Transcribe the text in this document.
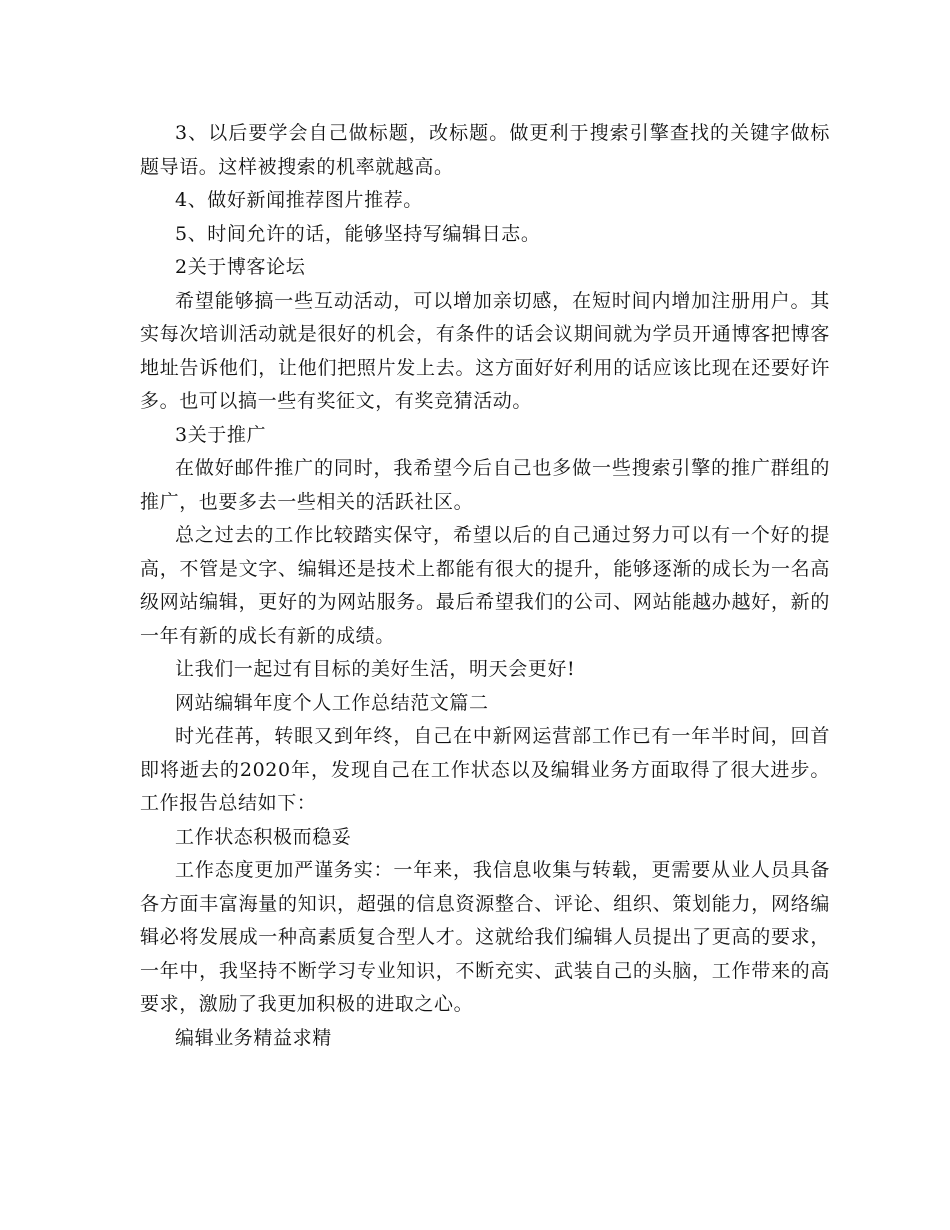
3、以后要学会自己做标题，改标题。做更利于搜索引擎查找的关键字做标题导语。这样被搜索的机率就越高。

4、做好新闻推荐图片推荐。

5、时间允许的话，能够坚持写编辑日志。

2关于博客论坛

希望能够搞一些互动活动，可以增加亲切感，在短时间内增加注册用户。其实每次培训活动就是很好的机会，有条件的话会议期间就为学员开通博客把博客地址告诉他们，让他们把照片发上去。这方面好好利用的话应该比现在还要好许多。也可以搞一些有奖征文，有奖竞猜活动。

3关于推广

在做好邮件推广的同时，我希望今后自己也多做一些搜索引擎的推广群组的推广，也要多去一些相关的活跃社区。

总之过去的工作比较踏实保守，希望以后的自己通过努力可以有一个好的提高，不管是文字、编辑还是技术上都能有很大的提升，能够逐渐的成长为一名高级网站编辑，更好的为网站服务。最后希望我们的公司、网站能越办越好，新的一年有新的成长有新的成绩。

让我们一起过有目标的美好生活，明天会更好!

网站编辑年度个人工作总结范文篇二

时光荏苒，转眼又到年终，自己在中新网运营部工作已有一年半时间，回首即将逝去的2020年，发现自己在工作状态以及编辑业务方面取得了很大进步。工作报告总结如下：

工作状态积极而稳妥

工作态度更加严谨务实：一年来，我信息收集与转载，更需要从业人员具备各方面丰富海量的知识，超强的信息资源整合、评论、组织、策划能力，网络编辑必将发展成一种高素质复合型人才。这就给我们编辑人员提出了更高的要求，一年中，我坚持不断学习专业知识，不断充实、武装自己的头脑，工作带来的高要求，激励了我更加积极的进取之心。

编辑业务精益求精
